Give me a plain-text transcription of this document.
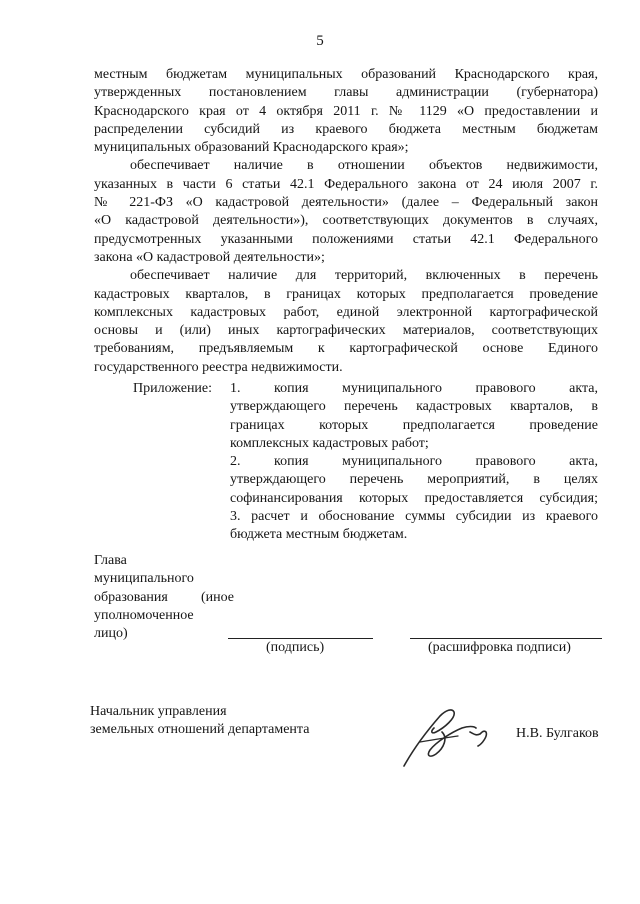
5
местным бюджетам муниципальных образований Краснодарского края,
утвержденных постановлением главы администрации (губернатора)
Краснодарского края от 4 октября 2011 г. № 1129 «О предоставлении и
распределении субсидий из краевого бюджета местным бюджетам
муниципальных образований Краснодарского края»;
обеспечивает наличие в отношении объектов недвижимости,
указанных в части 6 статьи 42.1 Федерального закона от 24 июля 2007 г.
№ 221-ФЗ «О кадастровой деятельности» (далее – Федеральный закон
«О кадастровой деятельности»), соответствующих документов в случаях,
предусмотренных указанными положениями статьи 42.1 Федерального
закона «О кадастровой деятельности»;
обеспечивает наличие для территорий, включенных в перечень
кадастровых кварталов, в границах которых предполагается проведение
комплексных кадастровых работ, единой электронной картографической
основы и (или) иных картографических материалов, соответствующих
требованиям, предъявляемым к картографической основе Единого
государственного реестра недвижимости.
Приложение: 1. копия муниципального правового акта,
утверждающего перечень кадастровых кварталов, в
границах которых предполагается проведение
комплексных кадастровых работ;
2. копия муниципального правового акта,
утверждающего перечень мероприятий, в целях
софинансирования которых предоставляется субсидия;
3. расчет и обоснование суммы субсидии из краевого
бюджета местным бюджетам.
Глава
муниципального
образования (иное
уполномоченное
лицо)
(подпись)	(расшифровка подписи)
Начальник управления
земельных отношений департамента	Н.В. Булгаков
